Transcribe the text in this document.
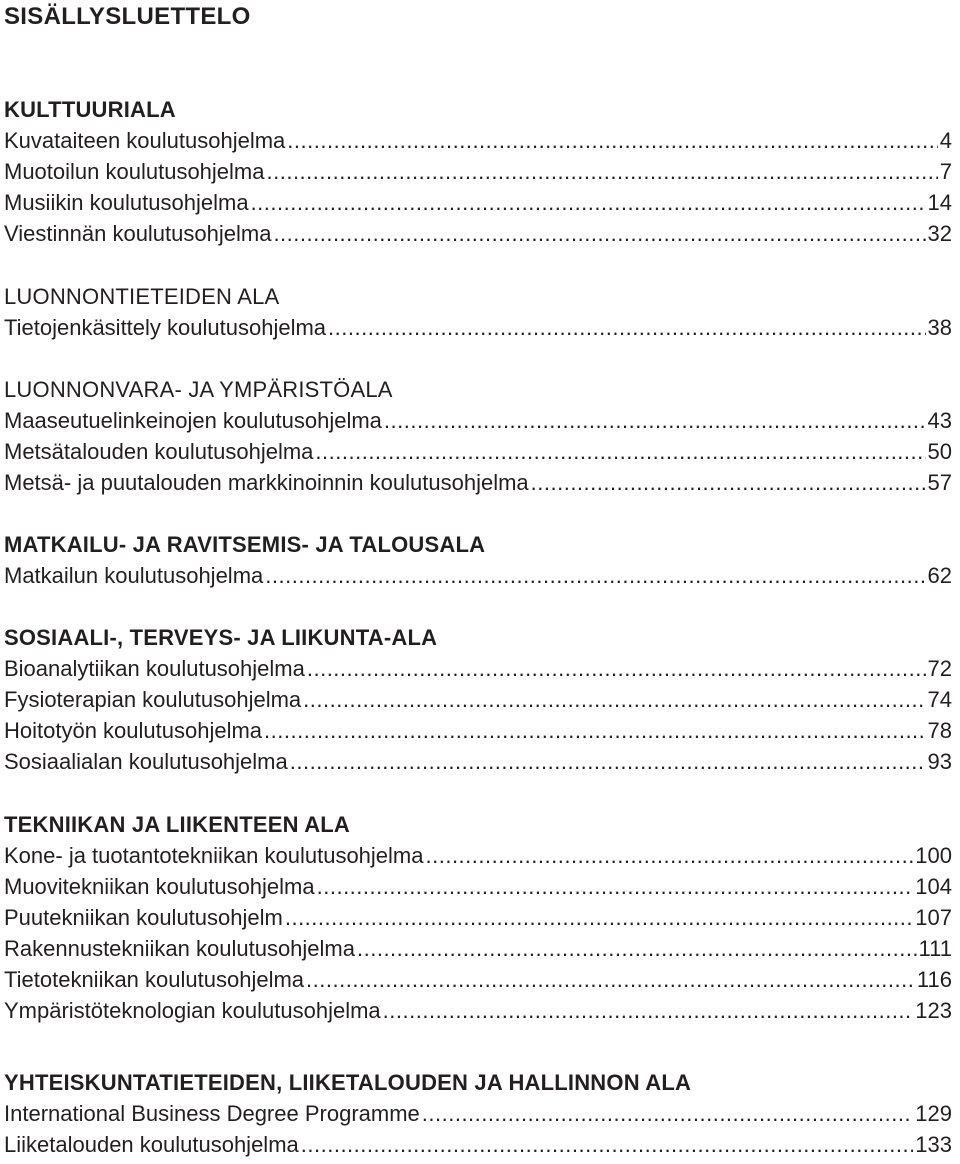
SISÄLLYSLUETTELO
KULTTUURIALA
Kuvataiteen koulutusohjelma .....	4
Muotoilun koulutusohjelma .....	7
Musiikin koulutusohjelma .....	14
Viestinnän koulutusohjelma .....	32
LUONNONTIETEIDEN ALA
Tietojenkäsittely koulutusohjelma .....	38
LUONNONVARA- JA YMPÄRISTÖALA
Maaseutuelinkeinojen koulutusohjelma .....	43
Metsätalouden koulutusohjelma .....	50
Metsä- ja puutalouden markkinoinnin koulutusohjelma .....	57
MATKAILU- JA RAVITSEMIS- JA TALOUSALA
Matkailun koulutusohjelma .....	62
SOSIAALI-, TERVEYS- JA LIIKUNTA-ALA
Bioanalytiikan koulutusohjelma .....	72
Fysioterapian koulutusohjelma .....	74
Hoitotyön koulutusohjelma .....	78
Sosiaalialan koulutusohjelma .....	93
TEKNIIKAN JA LIIKENTEEN ALA
Kone- ja tuotantotekniikan koulutusohjelma .....	100
Muovitekniikan koulutusohjelma .....	104
Puutekniikan koulutusohjelm .....	107
Rakennustekniikan koulutusohjelma .....	111
Tietotekniikan koulutusohjelma .....	116
Ympäristöteknologian koulutusohjelma .....	123
YHTEISKUNTATIETEIDEN, LIIKETALOUDEN JA HALLINNON ALA
International Business Degree Programme .....	129
Liiketalouden koulutusohjelma .....	133
